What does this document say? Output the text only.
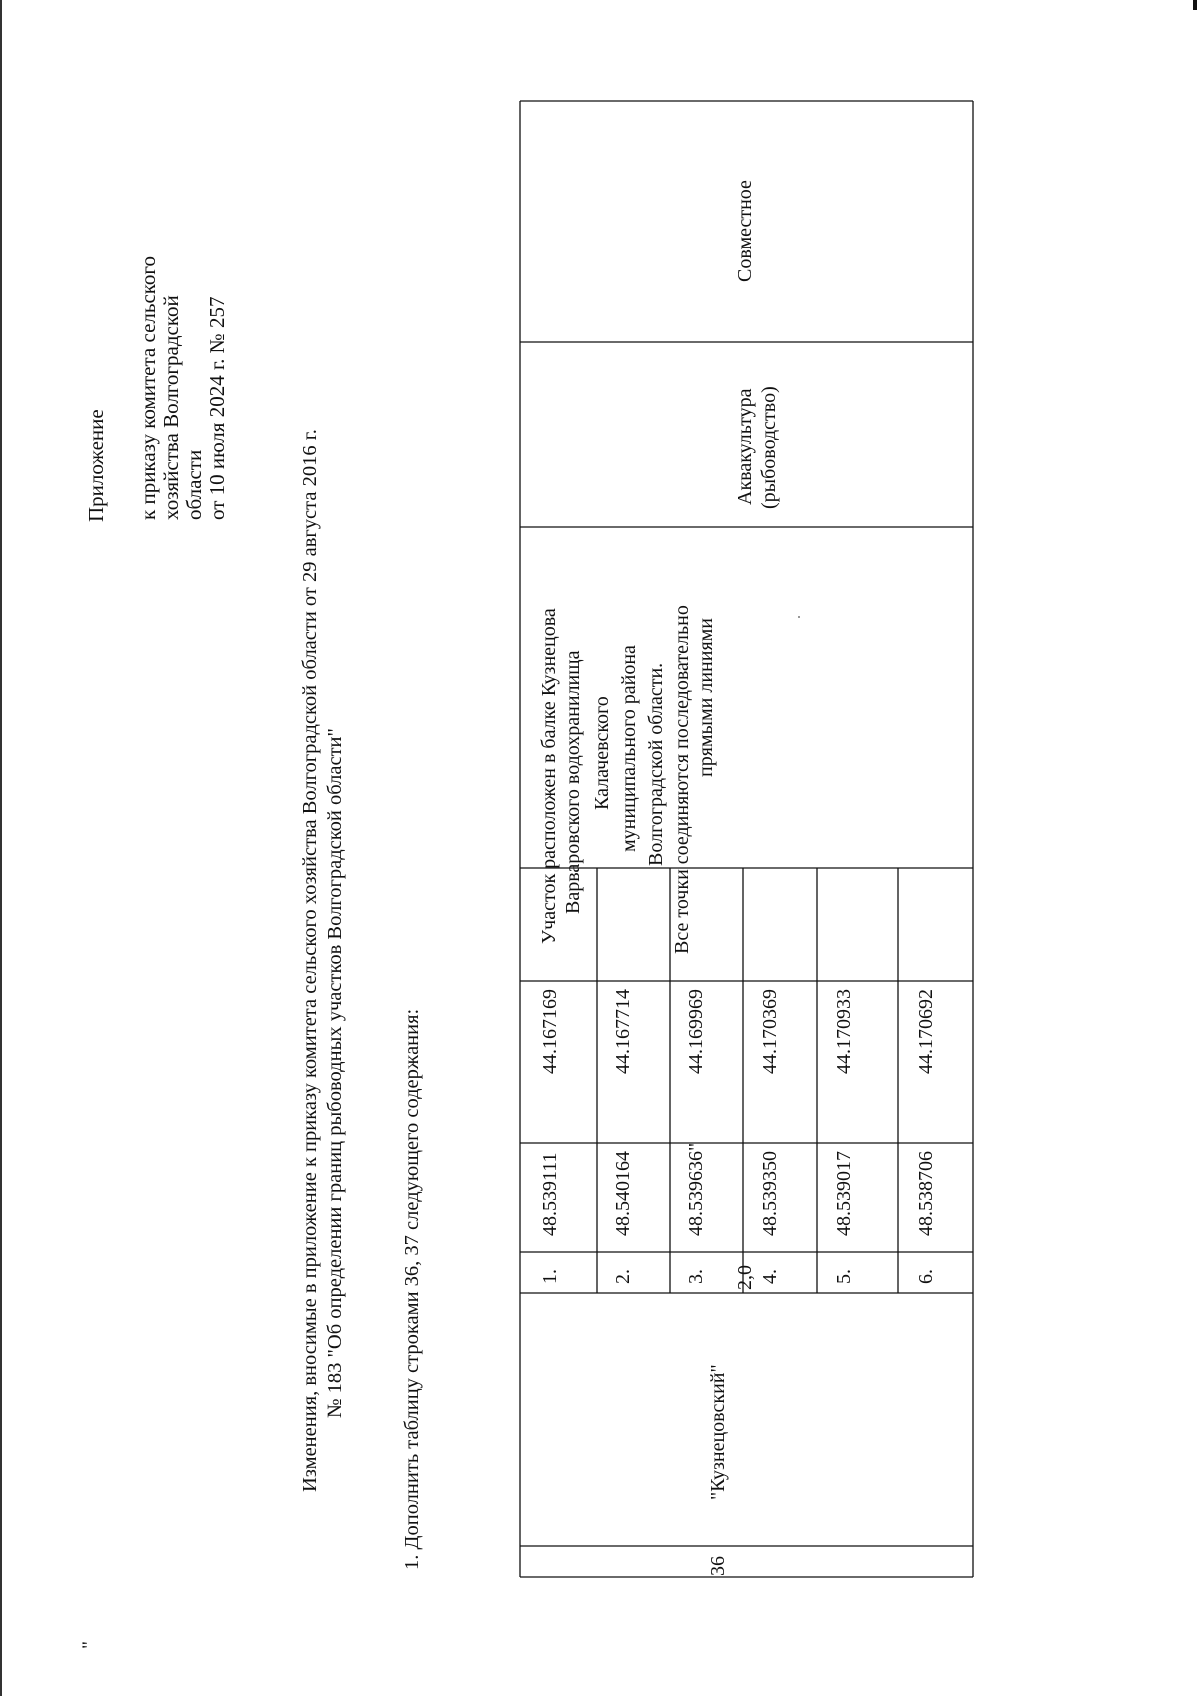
Приложение к приказу комитета сельского хозяйства Волгоградской области от 10 июля 2024 г. № 257
Изменения, вносимые в приложение к приказу комитета сельского хозяйства Волгоградской области от 29 августа 2016 г. № 183 "Об определении границ рыбоводных участков Волгоградской области"	1. Дополнить таблицу строками 36, 37 следующего содержания:
"
36
"Кузнецовский"
2,0
1.
48.539111
44.167169
2.
48.540164
44.167714
3.
48.539636"
44.169969
4.
48.539350
44.170369
5.
48.539017
44.170933
6.
48.538706
44.170692
Участок расположен в балке Кузнецова Варваровского водохранилища Калачевского муниципального района Волгоградской области. Все точки соединяются последовательно прямыми линиями
Аквакультура (рыбоводство)
Совместное
